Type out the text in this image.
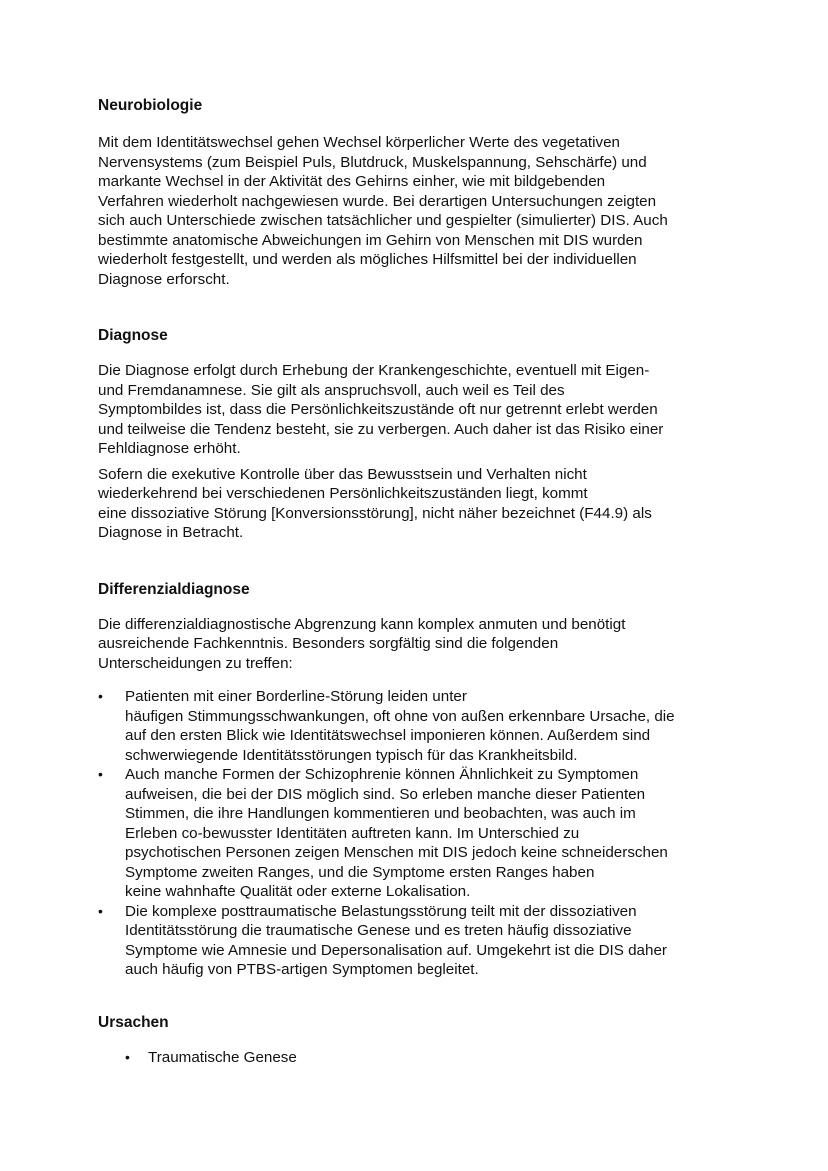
Neurobiologie

Mit dem Identitätswechsel gehen Wechsel körperlicher Werte des vegetativen
Nervensystems (zum Beispiel Puls, Blutdruck, Muskelspannung, Sehschärfe) und
markante Wechsel in der Aktivität des Gehirns einher, wie mit bildgebenden
Verfahren wiederholt nachgewiesen wurde. Bei derartigen Untersuchungen zeigten
sich auch Unterschiede zwischen tatsächlicher und gespielter (simulierter) DIS. Auch
bestimmte anatomische Abweichungen im Gehirn von Menschen mit DIS wurden
wiederholt festgestellt, und werden als mögliches Hilfsmittel bei der individuellen
Diagnose erforscht.

Diagnose

Die Diagnose erfolgt durch Erhebung der Krankengeschichte, eventuell mit Eigen-
und Fremdanamnese. Sie gilt als anspruchsvoll, auch weil es Teil des
Symptombildes ist, dass die Persönlichkeitszustände oft nur getrennt erlebt werden
und teilweise die Tendenz besteht, sie zu verbergen. Auch daher ist das Risiko einer
Fehldiagnose erhöht.

Sofern die exekutive Kontrolle über das Bewusstsein und Verhalten nicht
wiederkehrend bei verschiedenen Persönlichkeitszuständen liegt, kommt
eine dissoziative Störung [Konversionsstörung], nicht näher bezeichnet (F44.9) als
Diagnose in Betracht.

Differenzialdiagnose

Die differenzialdiagnostische Abgrenzung kann komplex anmuten und benötigt
ausreichende Fachkenntnis. Besonders sorgfältig sind die folgenden
Unterscheidungen zu treffen:

• Patienten mit einer Borderline-Störung leiden unter
häufigen Stimmungsschwankungen, oft ohne von außen erkennbare Ursache, die
auf den ersten Blick wie Identitätswechsel imponieren können. Außerdem sind
schwerwiegende Identitätsstörungen typisch für das Krankheitsbild.
• Auch manche Formen der Schizophrenie können Ähnlichkeit zu Symptomen
aufweisen, die bei der DIS möglich sind. So erleben manche dieser Patienten
Stimmen, die ihre Handlungen kommentieren und beobachten, was auch im
Erleben co-bewusster Identitäten auftreten kann. Im Unterschied zu
psychotischen Personen zeigen Menschen mit DIS jedoch keine schneiderschen
Symptome zweiten Ranges, und die Symptome ersten Ranges haben
keine wahnhafte Qualität oder externe Lokalisation.
• Die komplexe posttraumatische Belastungsstörung teilt mit der dissoziativen
Identitätsstörung die traumatische Genese und es treten häufig dissoziative
Symptome wie Amnesie und Depersonalisation auf. Umgekehrt ist die DIS daher
auch häufig von PTBS-artigen Symptomen begleitet.
Ursachen
• Traumatische Genese
